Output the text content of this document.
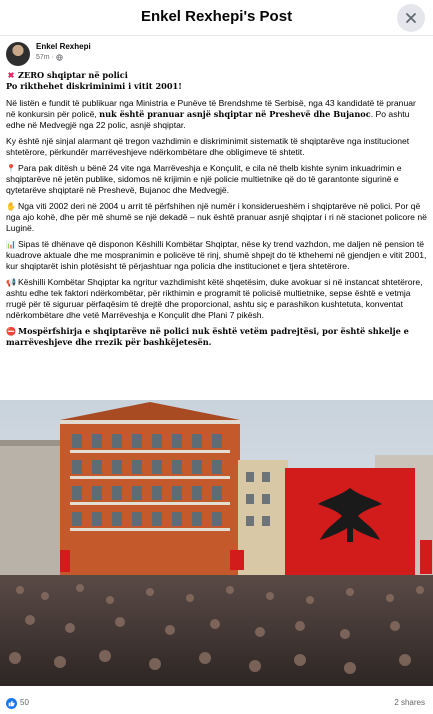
Enkel Rexhepi's Post
Enkel Rexhepi
57m ·

✖ ZERO shqiptar në polici

Po rikthehet diskriminimi i vitit 2001!

Në listën e fundit të publikuar nga Ministria e Punëve të Brendshme të Serbisë, nga 43 kandidatë të pranuar në konkursin për policë, nuk është pranuar asnjë shqiptar në Preshevë dhe Bujanoc. Po ashtu edhe në Medvegjë nga 22 polic, asnjë shqiptar.

Ky është një sinjal alarmant që tregon vazhdimin e diskriminimit sistematik të shqiptarëve nga institucionet shtetërore, përkundër marrëveshjeve ndërkombëtare dhe obligimeve të shtetit.

📍 Para pak ditësh u bënë 24 vite nga Marrëveshja e Konçulit, e cila në thelb kishte synim inkuadrimin e shqiptarëve në jetën publike, sidomos në krijimin e një policie multietnike që do të garantonte sigurinë e qytetarëve shqiptarë në Preshevë, Bujanoc dhe Medvegjë.

✋ Nga viti 2002 deri në 2004 u arrit të përfshihen një numër i konsiderueshëm i shqiptarëve në polici. Por që nga ajo kohë, dhe për më shumë se një dekadë – nuk është pranuar asnjë shqiptar i ri në stacionet policore në Luginë.

📊 Sipas të dhënave që disponon Këshilli Kombëtar Shqiptar, nëse ky trend vazhdon, me daljen në pension të kuadrove aktuale dhe me mospranimin e policëve të rinj, shumë shpejt do të kthehemi në gjendjen e vitit 2001, kur shqiptarët ishin plotësisht të përjashtuar nga policia dhe institucionet e tjera shtetërore.

📢 Këshilli Kombëtar Shqiptar ka ngritur vazhdimisht këtë shqetësim, duke avokuar si në instancat shtetërore, ashtu edhe tek faktori ndërkombëtar, për rikthimin e programit të policisë multietnike, sepse është e vetmja rrugë për të siguruar përfaqësim të drejtë dhe proporcional, ashtu siç e parashikon kushtetuta, konventat ndërkombëtare dhe vetë Marrëveshja e Konçulit dhe Plani 7 pikësh.

⛔ Mospërfshirja e shqiptarëve në polici nuk është vetëm padrejtësi, por është shkelje e marrëveshjeve dhe rrezik për bashkëjetesën.

50	2 shares
